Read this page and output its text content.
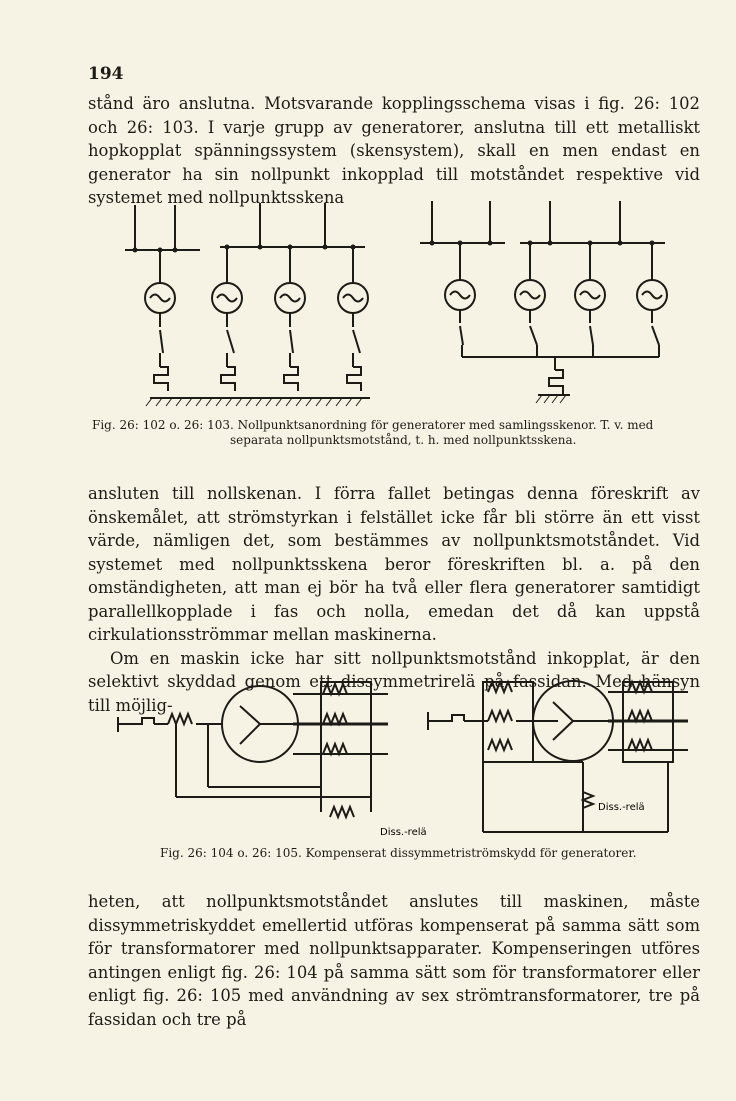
194

stånd äro anslutna. Motsvarande kopplingsschema visas i fig. 26: 102 och 26: 103. I varje grupp av generatorer, anslutna till ett metalliskt hopkopplat spänningssystem (skensystem), skall en men endast en generator ha sin nollpunkt inkopplad till motståndet respektive vid systemet med nollpunktsskena

Fig. 26: 102 o. 26: 103. Nollpunktsanordning för generatorer med samlingsskenor. T. v. med
separata nollpunktsmotstånd, t. h. med nollpunktsskena.

ansluten till nollskenan. I förra fallet betingas denna föreskrift av önskemålet, att strömstyrkan i felstället icke får bli större än ett visst värde, nämligen det, som bestämmes av nollpunktsmotståndet. Vid systemet med nollpunktsskena beror föreskriften bl. a. på den omständigheten, att man ej bör ha två eller flera generatorer samtidigt parallellkopplade i fas och nolla, emedan det då kan uppstå cirkulationsströmmar mellan maskinerna.

Om en maskin icke har sitt nollpunktsmotstånd inkopplat, är den selektivt skyddad genom ett dissymmetrirelä på fassidan. Med hänsyn till möjlig-

Diss.-relä
Diss.-relä
Fig. 26: 104 o. 26: 105. Kompenserat dissymmetriströmskydd för generatorer.

heten, att nollpunktsmotståndet anslutes till maskinen, måste dissymmetriskyddet emellertid utföras kompenserat på samma sätt som för transformatorer med nollpunktsapparater. Kompenseringen utföres antingen enligt fig. 26: 104 på samma sätt som för transformatorer eller enligt fig. 26: 105 med användning av sex strömtransformatorer, tre på fassidan och tre på
